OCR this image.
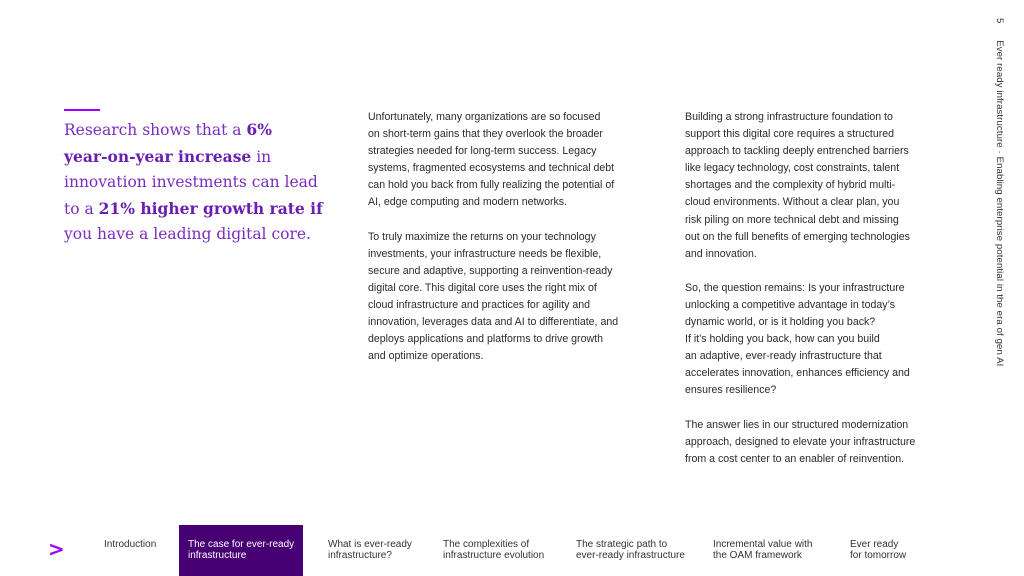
Research shows that a 6%
year-on-year increase in
innovation investments can lead
to a 21% higher growth rate if
you have a leading digital core.
Unfortunately, many organizations are so focused
on short-term gains that they overlook the broader
strategies needed for long-term success. Legacy
systems, fragmented ecosystems and technical debt
can hold you back from fully realizing the potential of
AI, edge computing and modern networks.
To truly maximize the returns on your technology
investments, your infrastructure needs be flexible,
secure and adaptive, supporting a reinvention-ready
digital core. This digital core uses the right mix of
cloud infrastructure and practices for agility and
innovation, leverages data and AI to differentiate, and
deploys applications and platforms to drive growth
and optimize operations.
Building a strong infrastructure foundation to
support this digital core requires a structured
approach to tackling deeply entrenched barriers
like legacy technology, cost constraints, talent
shortages and the complexity of hybrid multi-
cloud environments. Without a clear plan, you
risk piling on more technical debt and missing
out on the full benefits of emerging technologies
and innovation.
So, the question remains: Is your infrastructure
unlocking a competitive advantage in today’s
dynamic world, or is it holding you back?
If it’s holding you back, how can you build
an adaptive, ever-ready infrastructure that
accelerates innovation, enhances efficiency and
ensures resilience?
The answer lies in our structured modernization
approach, designed to elevate your infrastructure
from a cost center to an enabler of reinvention.
5 Ever ready infrastructure · Enabling enterprise potential in the era of gen AI
>	Introduction	The case for ever-ready
infrastructure
What is ever-ready
infrastructure?
The complexities of
infrastructure evolution
The strategic path to
ever-ready infrastructure
Incremental value with
the OAM framework
Ever ready
for tomorrow
